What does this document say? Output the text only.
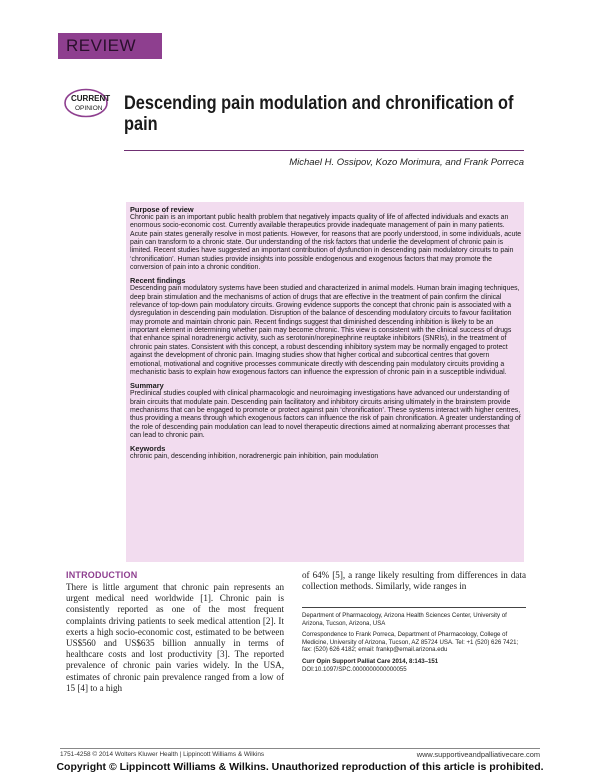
REVIEW
CURRENT
OPINION Descending pain modulation and chronification of pain
Michael H. Ossipov, Kozo Morimura, and Frank Porreca
Purpose of review

Chronic pain is an important public health problem that negatively impacts quality of life of affected individuals and exacts an enormous socio-economic cost. Currently available therapeutics provide inadequate management of pain in many patients. Acute pain states generally resolve in most patients. However, for reasons that are poorly understood, in some individuals, acute pain can transform to a chronic state. Our understanding of the risk factors that underlie the development of chronic pain is limited. Recent studies have suggested an important contribution of dysfunction in descending pain modulatory circuits to pain ‘chronification’. Human studies provide insights into possible endogenous and exogenous factors that may promote the conversion of pain into a chronic condition.

Recent findings

Descending pain modulatory systems have been studied and characterized in animal models. Human brain imaging techniques, deep brain stimulation and the mechanisms of action of drugs that are effective in the treatment of pain confirm the clinical relevance of top-down pain modulatory circuits. Growing evidence supports the concept that chronic pain is associated with a dysregulation in descending pain modulation. Disruption of the balance of descending modulatory circuits to favour facilitation may promote and maintain chronic pain. Recent findings suggest that diminished descending inhibition is likely to be an important element in determining whether pain may become chronic. This view is consistent with the clinical success of drugs that enhance spinal noradrenergic activity, such as serotonin/norepinephrine reuptake inhibitors (SNRIs), in the treatment of chronic pain states. Consistent with this concept, a robust descending inhibitory system may be normally engaged to protect against the development of chronic pain. Imaging studies show that higher cortical and subcortical centres that govern emotional, motivational and cognitive processes communicate directly with descending pain modulatory circuits providing a mechanistic basis to explain how exogenous factors can influence the expression of chronic pain in a susceptible individual.

Summary

Preclinical studies coupled with clinical pharmacologic and neuroimaging investigations have advanced our understanding of brain circuits that modulate pain. Descending pain facilitatory and inhibitory circuits arising ultimately in the brainstem provide mechanisms that can be engaged to promote or protect against pain ‘chronification’. These systems interact with higher centres, thus providing a means through which exogenous factors can influence the risk of pain chronification. A greater understanding of the role of descending pain modulation can lead to novel therapeutic directions aimed at normalizing aberrant processes that can lead to chronic pain.

Keywords

chronic pain, descending inhibition, noradrenergic pain inhibition, pain modulation

INTRODUCTION

There is little argument that chronic pain represents an urgent medical need worldwide [1]. Chronic pain is consistently reported as one of the most frequent complaints driving patients to seek medical attention [2]. It exerts a high socio-economic cost, estimated to be between US$560 and US$635 billion annually in terms of healthcare costs and lost productivity [3]. The reported prevalence of chronic pain varies widely. In the USA, estimates of chronic pain prevalence ranged from a low of 15 [4] to a high

of 64% [5], a range likely resulting from differences in data collection methods. Similarly, wide ranges in

Department of Pharmacology, Arizona Health Sciences Center, University of Arizona, Tucson, Arizona, USA

Correspondence to Frank Porreca, Department of Pharmacology, College of Medicine, University of Arizona, Tucson, AZ 85724 USA. Tel: +1 (520) 626 7421; fax: (520) 626 4182; email: frankp@email.arizona.edu

Curr Opin Support Palliat Care 2014, 8:143–151

DOI:10.1097/SPC.0000000000000055

1751-4258 © 2014 Wolters Kluwer Health | Lippincott Williams & Wilkins	www.supportiveandpalliativecare.com
Copyright © Lippincott Williams & Wilkins. Unauthorized reproduction of this article is prohibited.
